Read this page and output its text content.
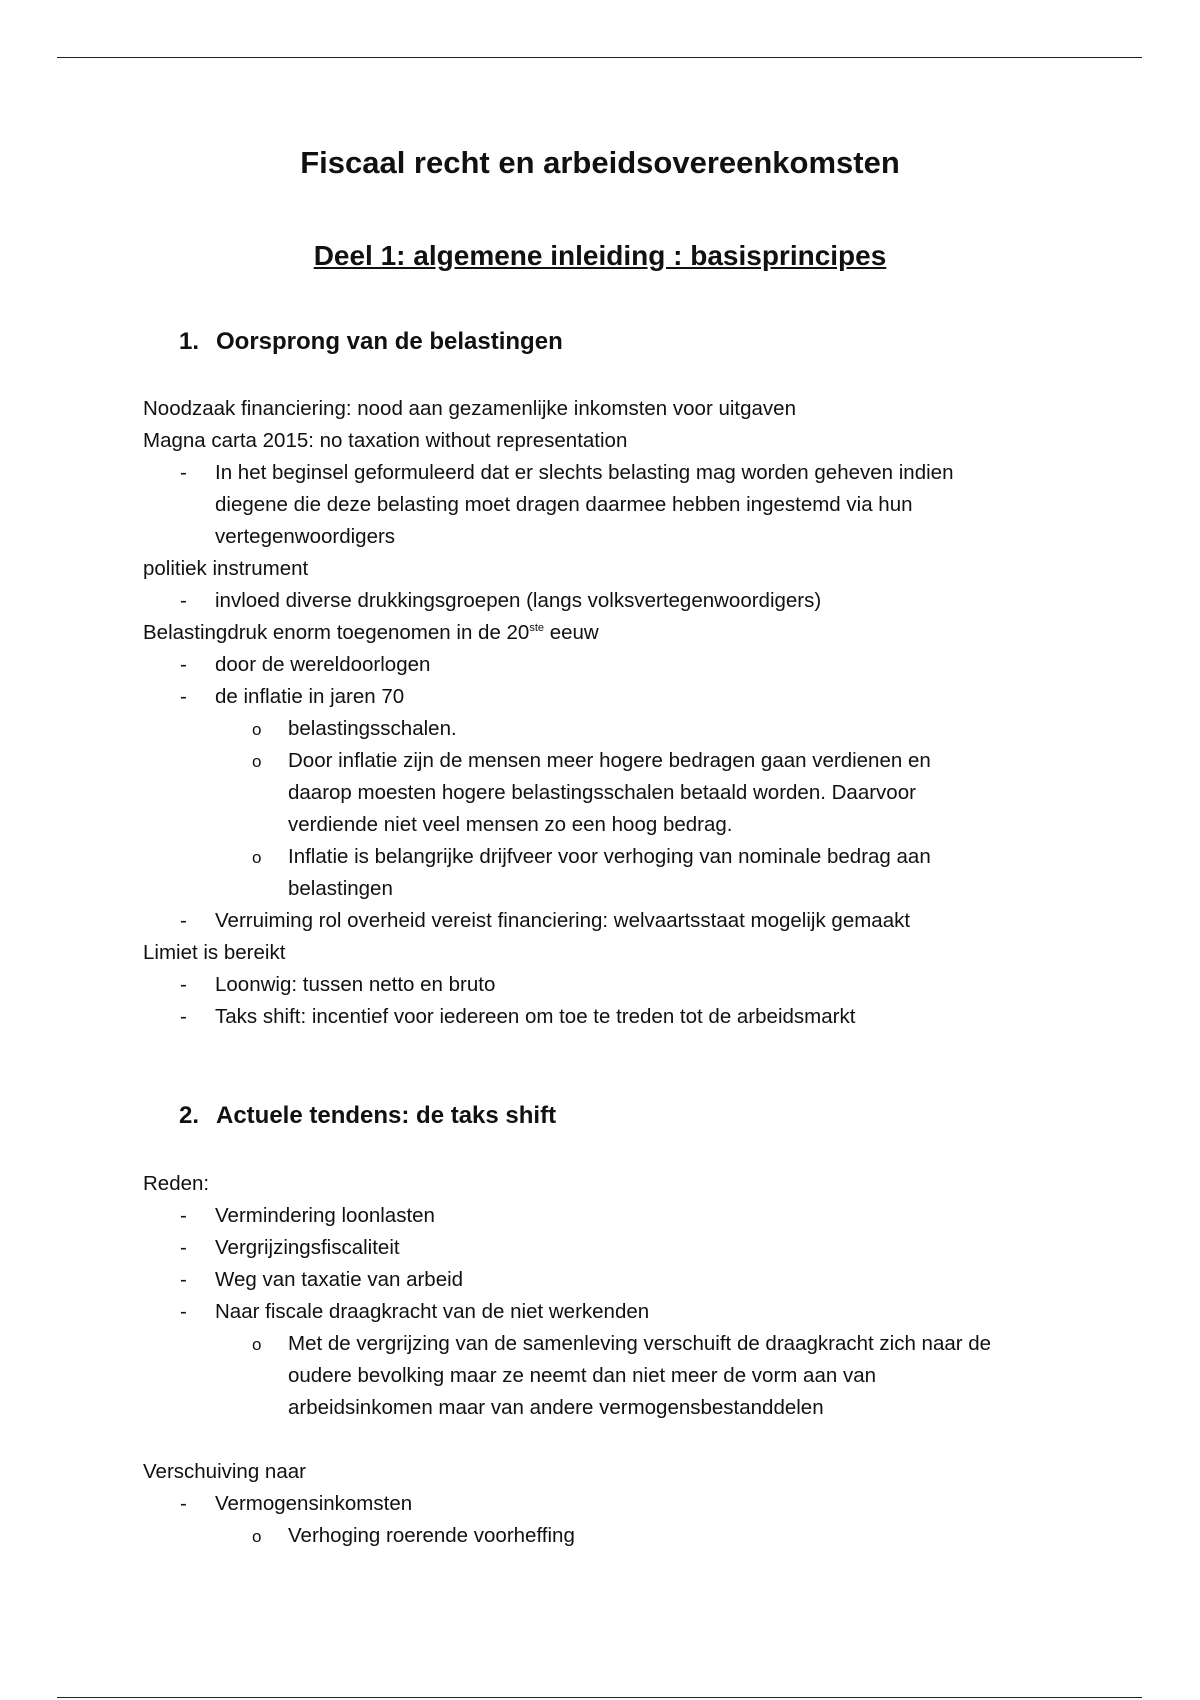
Fiscaal recht en arbeidsovereenkomsten
Deel 1: algemene inleiding : basisprincipes
1. Oorsprong van de belastingen
Noodzaak financiering: nood aan gezamenlijke inkomsten voor uitgaven
Magna carta 2015: no taxation without representation
- In het beginsel geformuleerd dat er slechts belasting mag worden geheven indien
diegene die deze belasting moet dragen daarmee hebben ingestemd via hun
vertegenwoordigers
politiek instrument
- invloed diverse drukkingsgroepen (langs volksvertegenwoordigers)
Belastingdruk enorm toegenomen in de 20ste eeuw
- door de wereldoorlogen
- de inflatie in jaren 70
o belastingsschalen.
o Door inflatie zijn de mensen meer hogere bedragen gaan verdienen en
daarop moesten hogere belastingsschalen betaald worden. Daarvoor
verdiende niet veel mensen zo een hoog bedrag.
o Inflatie is belangrijke drijfveer voor verhoging van nominale bedrag aan
belastingen
- Verruiming rol overheid vereist financiering: welvaartsstaat mogelijk gemaakt
Limiet is bereikt
- Loonwig: tussen netto en bruto
- Taks shift: incentief voor iedereen om toe te treden tot de arbeidsmarkt
2. Actuele tendens: de taks shift
Reden:
- Vermindering loonlasten
- Vergrijzingsfiscaliteit
- Weg van taxatie van arbeid
- Naar fiscale draagkracht van de niet werkenden
o Met de vergrijzing van de samenleving verschuift de draagkracht zich naar de
oudere bevolking maar ze neemt dan niet meer de vorm aan van
arbeidsinkomen maar van andere vermogensbestanddelen
Verschuiving naar
- Vermogensinkomsten
o Verhoging roerende voorheffing
